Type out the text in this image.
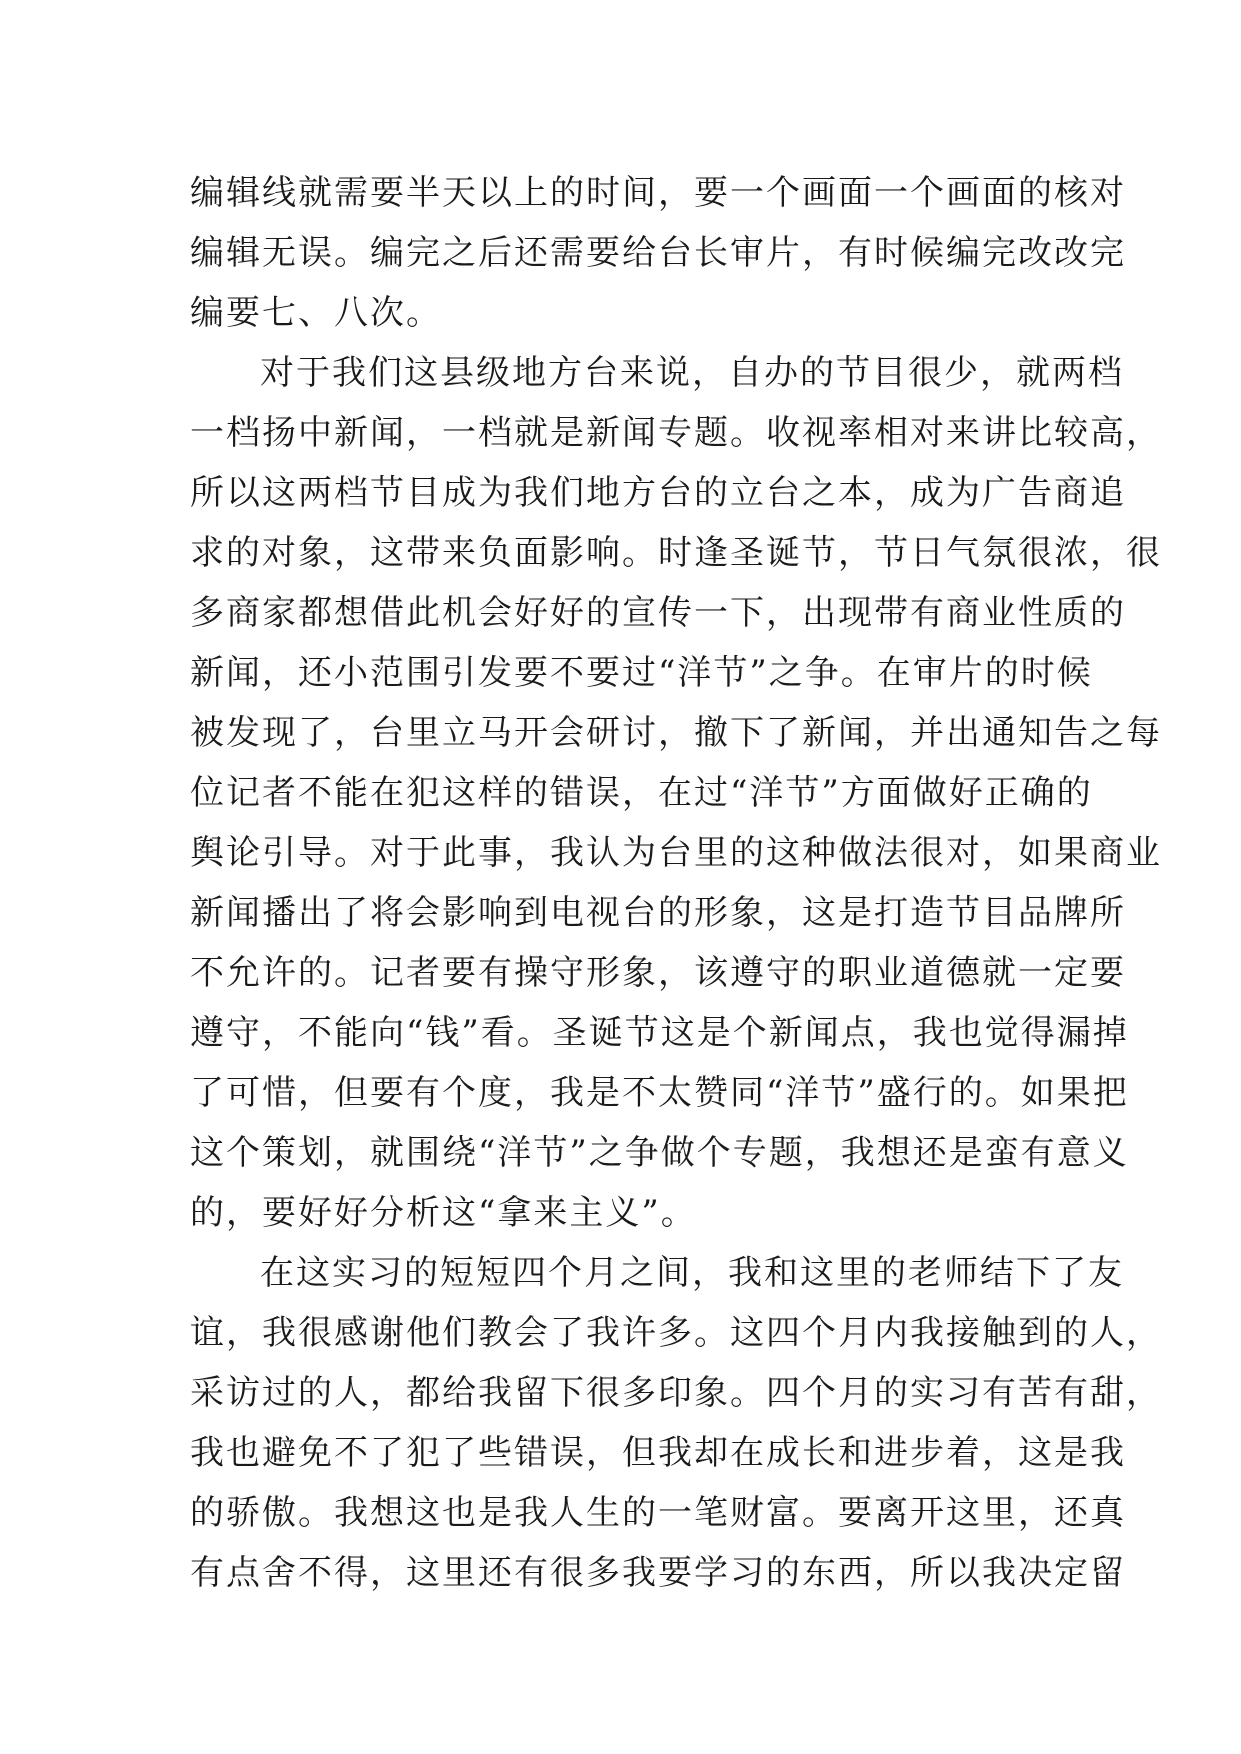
编辑线就需要半天以上的时间，要一个画面一个画面的核对
编辑无误。编完之后还需要给台长审片，有时候编完改改完
编要七、八次。
对于我们这县级地方台来说，自办的节目很少，就两档
一档扬中新闻，一档就是新闻专题。收视率相对来讲比较高，
所以这两档节目成为我们地方台的立台之本，成为广告商追
求的对象，这带来负面影响。时逢圣诞节，节日气氛很浓，很
多商家都想借此机会好好的宣传一下，出现带有商业性质的
新闻，还小范围引发要不要过“洋节”之争。在审片的时候
被发现了，台里立马开会研讨，撤下了新闻，并出通知告之每
位记者不能在犯这样的错误，在过“洋节”方面做好正确的
舆论引导。对于此事，我认为台里的这种做法很对，如果商业
新闻播出了将会影响到电视台的形象，这是打造节目品牌所
不允许的。记者要有操守形象，该遵守的职业道德就一定要
遵守，不能向“钱”看。圣诞节这是个新闻点，我也觉得漏掉
了可惜，但要有个度，我是不太赞同“洋节”盛行的。如果把
这个策划，就围绕“洋节”之争做个专题，我想还是蛮有意义
的，要好好分析这“拿来主义”。
在这实习的短短四个月之间，我和这里的老师结下了友
谊，我很感谢他们教会了我许多。这四个月内我接触到的人，
采访过的人，都给我留下很多印象。四个月的实习有苦有甜，
我也避免不了犯了些错误，但我却在成长和进步着，这是我
的骄傲。我想这也是我人生的一笔财富。要离开这里，还真
有点舍不得，这里还有很多我要学习的东西，所以我决定留
